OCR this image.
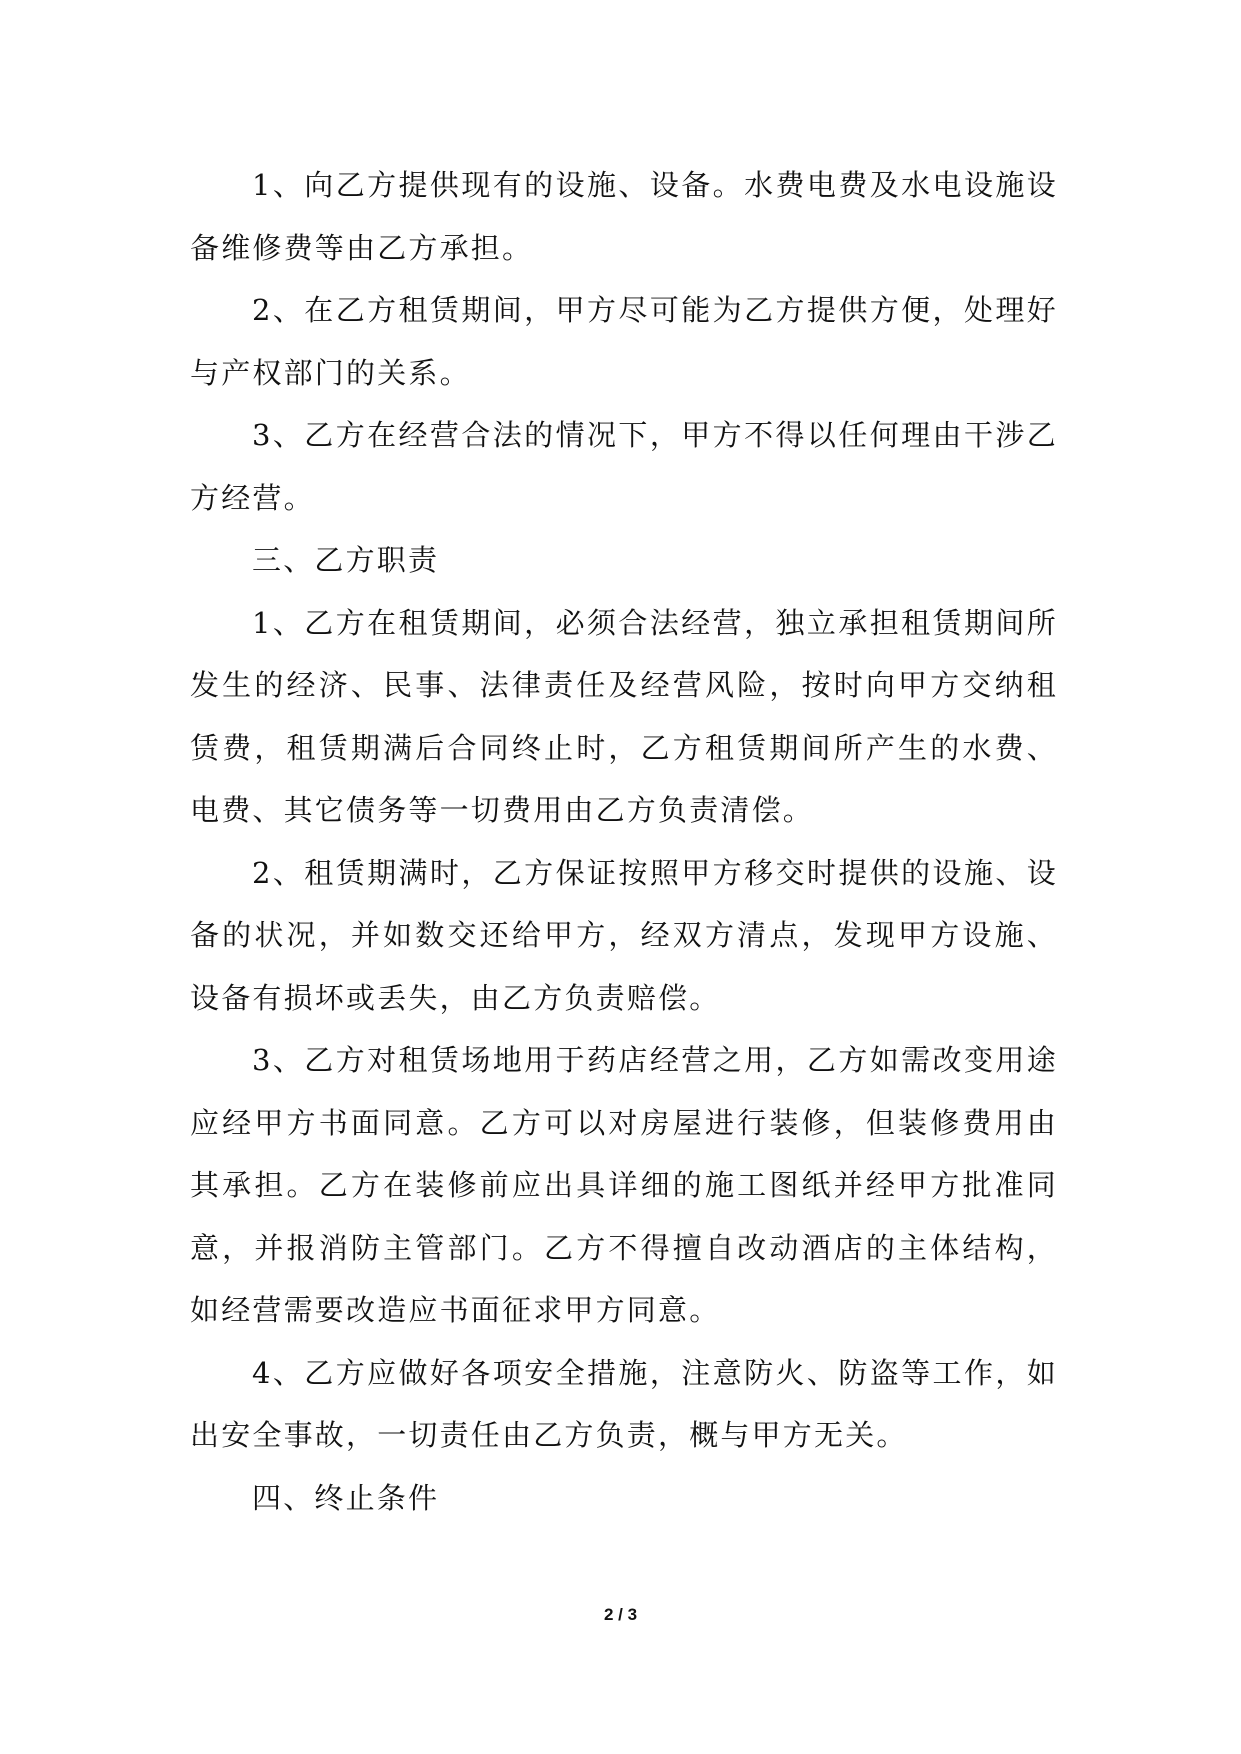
1、向乙方提供现有的设施、设备。水费电费及水电设施设备维修费等由乙方承担。

2、在乙方租赁期间，甲方尽可能为乙方提供方便，处理好与产权部门的关系。

3、乙方在经营合法的情况下，甲方不得以任何理由干涉乙方经营。

三、乙方职责

1、乙方在租赁期间，必须合法经营，独立承担租赁期间所发生的经济、民事、法律责任及经营风险，按时向甲方交纳租赁费，租赁期满后合同终止时，乙方租赁期间所产生的水费、电费、其它债务等一切费用由乙方负责清偿。

2、租赁期满时，乙方保证按照甲方移交时提供的设施、设备的状况，并如数交还给甲方，经双方清点，发现甲方设施、设备有损坏或丢失，由乙方负责赔偿。

3、乙方对租赁场地用于药店经营之用，乙方如需改变用途应经甲方书面同意。乙方可以对房屋进行装修，但装修费用由其承担。乙方在装修前应出具详细的施工图纸并经甲方批准同意，并报消防主管部门。乙方不得擅自改动酒店的主体结构，如经营需要改造应书面征求甲方同意。

4、乙方应做好各项安全措施，注意防火、防盗等工作，如出安全事故，一切责任由乙方负责，概与甲方无关。

四、终止条件

2 / 3
